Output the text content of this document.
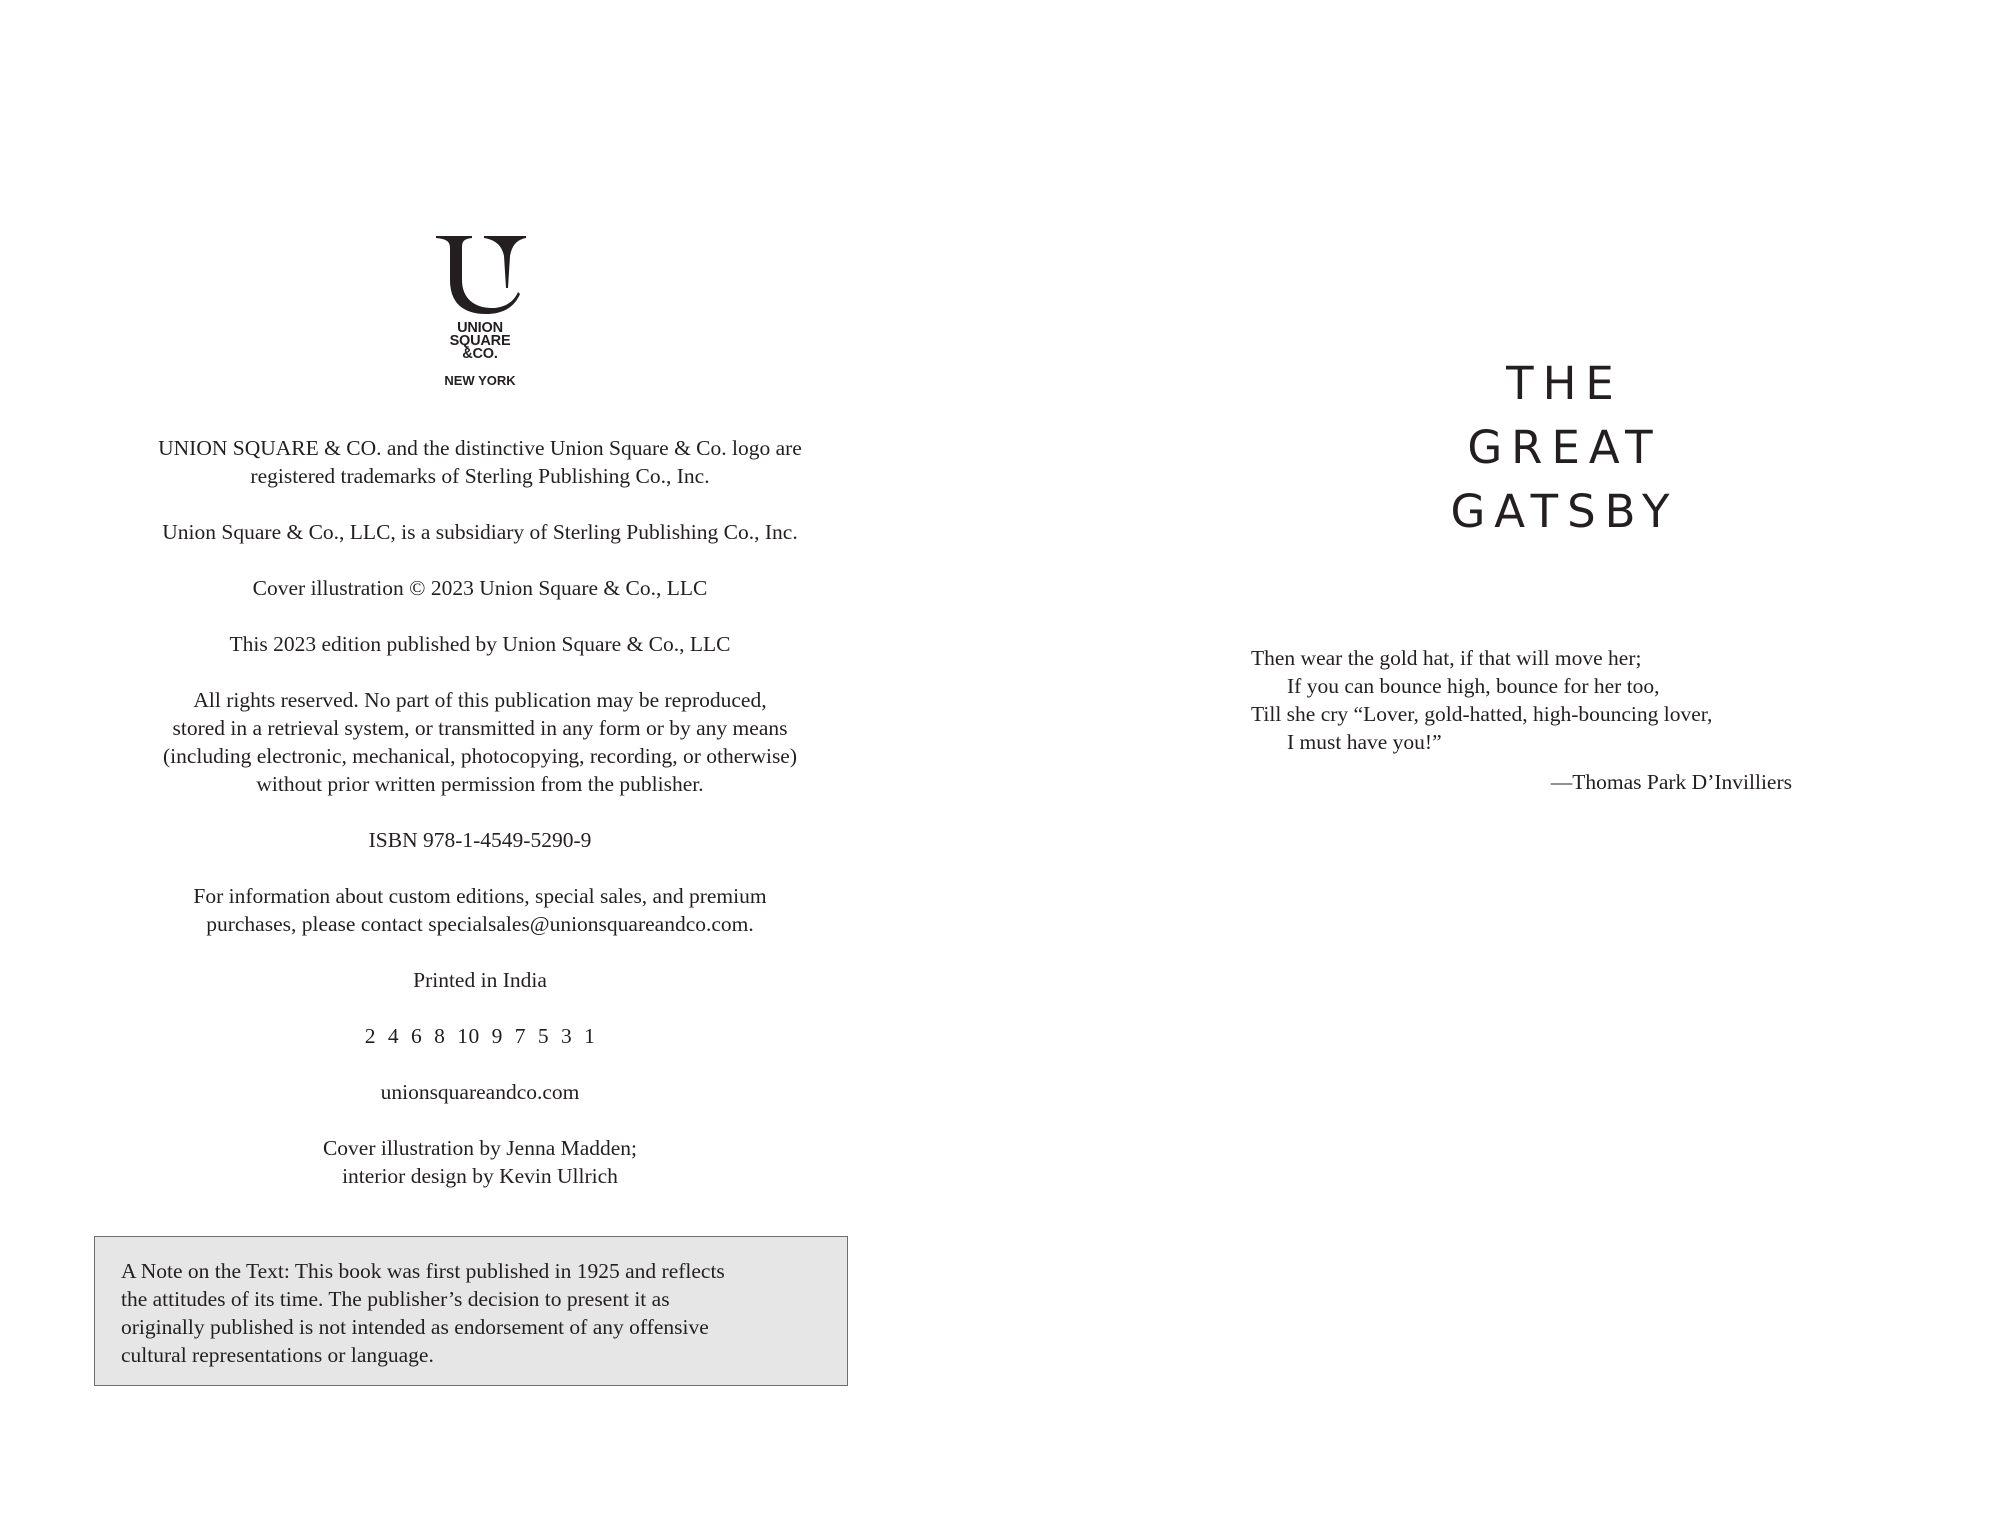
UNION
SQUARE
&CO.
NEW YORK

UNION SQUARE & CO. and the distinctive Union Square & Co. logo are
registered trademarks of Sterling Publishing Co., Inc.

Union Square & Co., LLC, is a subsidiary of Sterling Publishing Co., Inc.

Cover illustration © 2023 Union Square & Co., LLC

This 2023 edition published by Union Square & Co., LLC

All rights reserved. No part of this publication may be reproduced,
stored in a retrieval system, or transmitted in any form or by any means
(including electronic, mechanical, photocopying, recording, or otherwise)
without prior written permission from the publisher.

ISBN 978-1-4549-5290-9

For information about custom editions, special sales, and premium
purchases, please contact specialsales@unionsquareandco.com.

Printed in India

2 4 6 8 10 9 7 5 3 1

unionsquareandco.com

Cover illustration by Jenna Madden;
interior design by Kevin Ullrich

A Note on the Text: This book was first published in 1925 and reflects
the attitudes of its time. The publisher’s decision to present it as
originally published is not intended as endorsement of any offensive
cultural representations or language.
THE
GREAT
GATSBY
Then wear the gold hat, if that will move her;
If you can bounce high, bounce for her too,
Till she cry “Lover, gold-hatted, high-bouncing lover,
I must have you!”
—Thomas Park D’Invilliers
